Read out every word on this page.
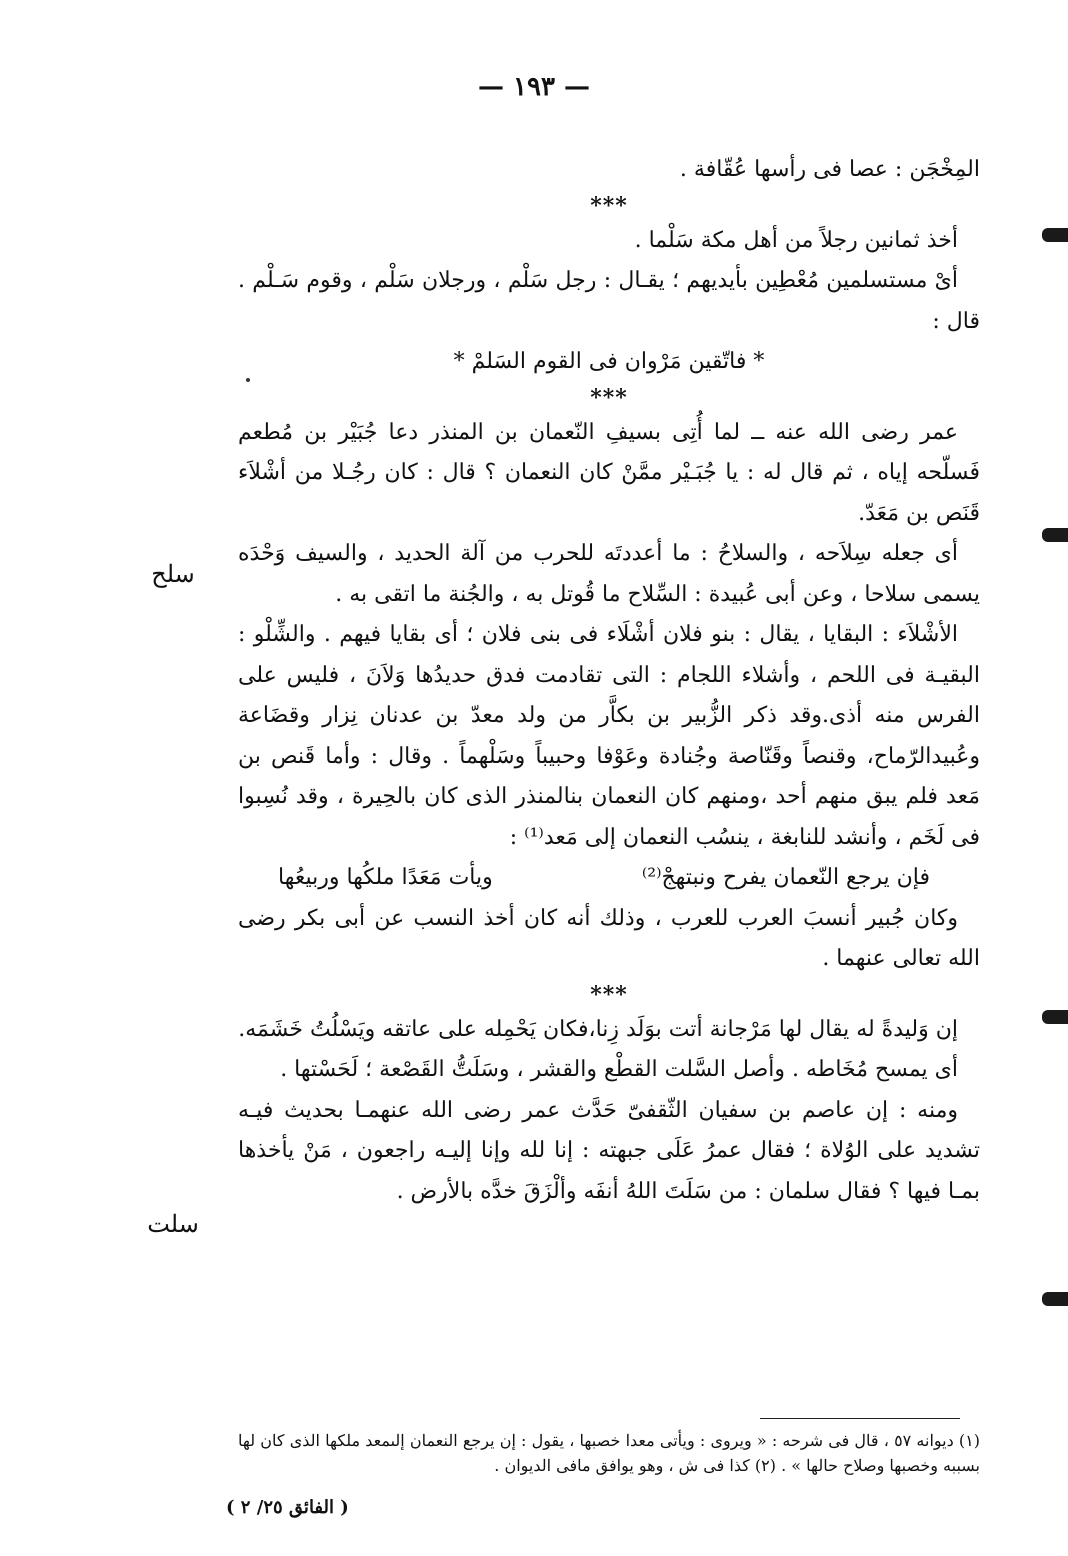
— ١٩٣ —

المِخْجَن : عصا فى رأسها عُقّافة .

***

أخذ ثمانين رجلاً من أهل مكة سَلْما .

أىْ مستسلمين مُعْطِين بأيديهم ؛ يقـال : رجل سَلْم ، ورجلان سَلْم ، وقوم سَـلْم . قال :

* فاتّقين مَرْوان فى القوم السَلمْ *

***

عمر رضى الله عنه ــ لما أُتِى بسيفِ النّعمان بن المنذر دعا جُبَيْر بن مُطعم فَسلّحه إياه ، ثم قال له : يا جُبَـيْر ممَّنْ كان النعمان ؟ قال : كان رجُـلا من أشْلاَء قَنَص بن مَعَدّ.

أى جعله سِلاَحه ، والسلاحُ : ما أعددتَه للحرب من آلة الحديد ، والسيف وَحْدَه يسمى سلاحا ، وعن أبى عُبيدة : السِّلاح ما قُوتل به ، والجُنة ما اتقى به .

الأشْلاَء : البقايا ، يقال : بنو فلان أشْلَاء فى بنى فلان ؛ أى بقايا فيهم . والشِّلْو : البقيـة فى اللحم ، وأشلاء اللجام : التى تقادمت فدق حديدُها وَلاَنَ ، فليس على الفرس منه أذى.وقد ذكر الزُّبير بن بكاَّر من ولد معدّ بن عدنان نِزار وقضَاعة وعُبيدالرّماح، وقنصاً وقَنّاصة وجُنادة وعَوْفا وحبيباً وسَلْهماً . وقال : وأما قَنص بن مَعد فلم يبق منهم أحد ،ومنهم كان النعمان بنالمنذر الذى كان بالحِيرة ، وقد نُسِبوا فى لَخَم ، وأنشد للنابغة ، ينسُب النعمان إلى مَعد⁽¹⁾ :

فإن يرجع النّعمان يفرح ونبتهجْ⁽²⁾
ويأت مَعَدًا ملكُها وربيعُها

وكان جُبير أنسبَ العرب للعرب ، وذلك أنه كان أخذ النسب عن أبى بكر رضى الله تعالى عنهما .

***

إن وَليدةً له يقال لها مَرْجانة أتت بوَلَد زِنا،فكان يَحْمِله على عاتقه ويَسْلُتُ خَشَمَه.

أى يمسح مُخَاطه . وأصل السَّلت القطْع والقشر ، وسَلَتُّ القَصْعة ؛ لَحَسْتها .

ومنه : إن عاصم بن سفيان الثّقفىّ حَدَّث عمر رضى الله عنهمـا بحديث فيـه تشديد على الوُلاة ؛ فقال عمرُ عَلَى جبهته : إنا لله وإنا إليـه راجعون ، مَنْ يأخذها بمـا فيها ؟ فقال سلمان : من سَلَتَ اللهُ أنفَه وألْزَقَ خدَّه بالأرض .

سلح
سلت

(١) ديوانه ٥٧ ، قال فى شرحه : « ويروى : ويأتى معدا خصبها ، يقول : إن يرجع النعمان إلىمعد ملكها الذى كان لها بسببه وخصبها وصلاح حالها » . (٢) كذا فى ش ، وهو يوافق مافى الديوان .

( الفائق ٢٥/ ٢ )
